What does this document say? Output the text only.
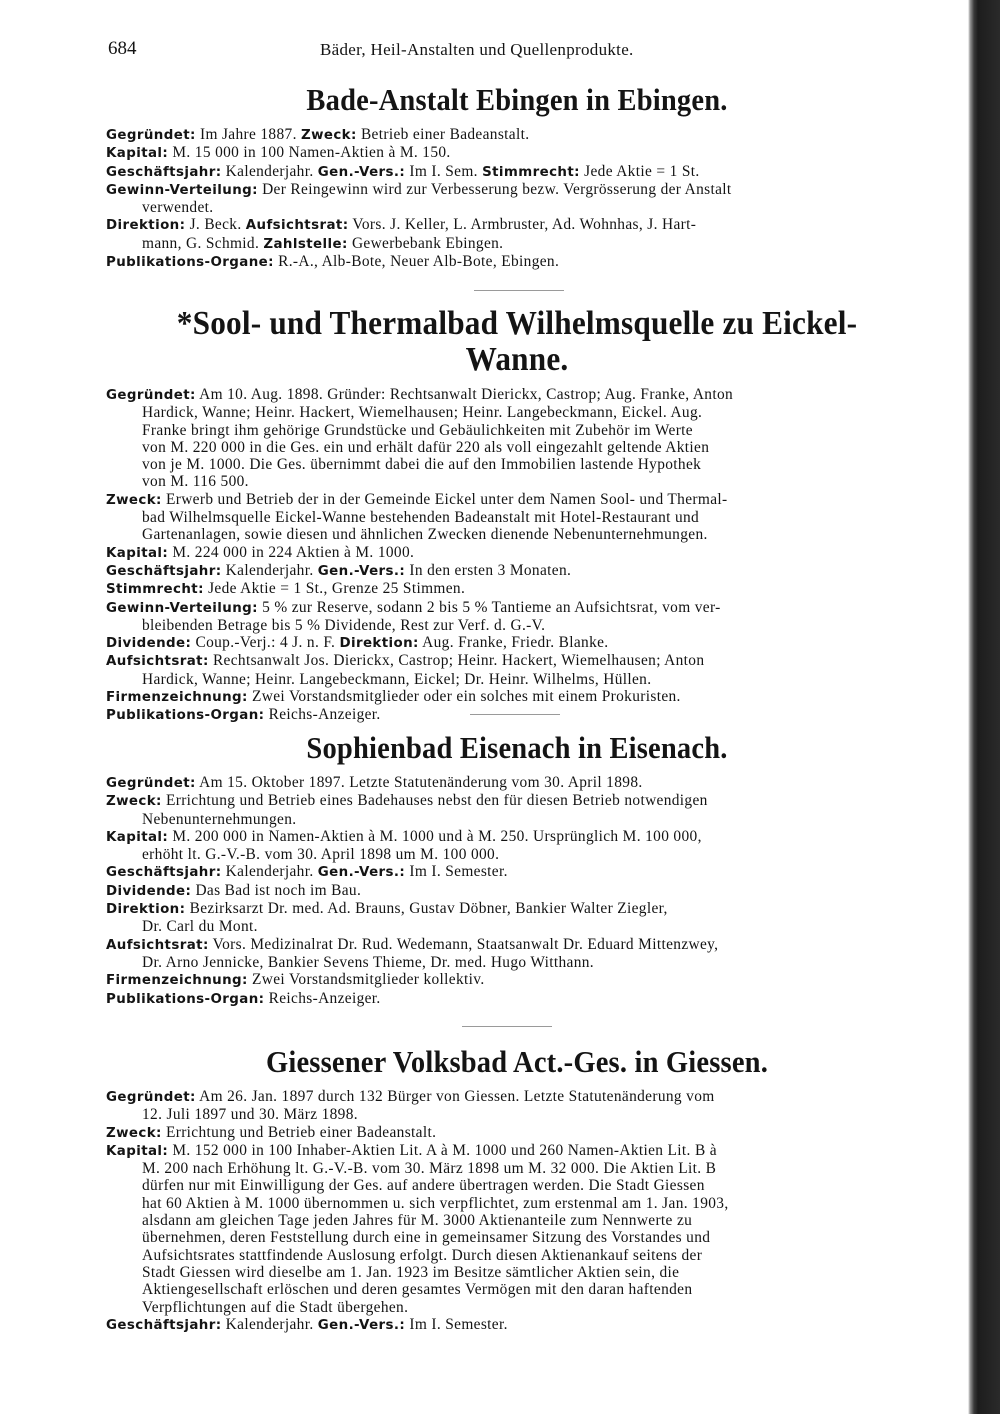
684	Bäder, Heil-Anstalten und Quellenprodukte.
Bade-Anstalt Ebingen in Ebingen.

Gegründet: Im Jahre 1887. Zweck: Betrieb einer Badeanstalt.

Kapital: M. 15 000 in 100 Namen-Aktien à M. 150.

Geschäftsjahr: Kalenderjahr. Gen.-Vers.: Im I. Sem. Stimmrecht: Jede Aktie = 1 St.

Gewinn-Verteilung: Der Reingewinn wird zur Verbesserung bezw. Vergrösserung der Anstalt

verwendet.

Direktion: J. Beck. Aufsichtsrat: Vors. J. Keller, L. Armbruster, Ad. Wohnhas, J. Hart-

mann, G. Schmid. Zahlstelle: Gewerbebank Ebingen.

Publikations-Organe: R.-A., Alb-Bote, Neuer Alb-Bote, Ebingen.

*Sool- und Thermalbad Wilhelmsquelle zu Eickel-Wanne.

Gegründet: Am 10. Aug. 1898. Gründer: Rechtsanwalt Dierickx, Castrop; Aug. Franke, Anton

Hardick, Wanne; Heinr. Hackert, Wiemelhausen; Heinr. Langebeckmann, Eickel. Aug.

Franke bringt ihm gehörige Grundstücke und Gebäulichkeiten mit Zubehör im Werte

von M. 220 000 in die Ges. ein und erhält dafür 220 als voll eingezahlt geltende Aktien

von je M. 1000. Die Ges. übernimmt dabei die auf den Immobilien lastende Hypothek

von M. 116 500.

Zweck: Erwerb und Betrieb der in der Gemeinde Eickel unter dem Namen Sool- und Thermal-

bad Wilhelmsquelle Eickel-Wanne bestehenden Badeanstalt mit Hotel-Restaurant und

Gartenanlagen, sowie diesen und ähnlichen Zwecken dienende Nebenunternehmungen.

Kapital: M. 224 000 in 224 Aktien à M. 1000.

Geschäftsjahr: Kalenderjahr. Gen.-Vers.: In den ersten 3 Monaten.

Stimmrecht: Jede Aktie = 1 St., Grenze 25 Stimmen.

Gewinn-Verteilung: 5 % zur Reserve, sodann 2 bis 5 % Tantieme an Aufsichtsrat, vom ver-

bleibenden Betrage bis 5 % Dividende, Rest zur Verf. d. G.-V.

Dividende: Coup.-Verj.: 4 J. n. F. Direktion: Aug. Franke, Friedr. Blanke.

Aufsichtsrat: Rechtsanwalt Jos. Dierickx, Castrop; Heinr. Hackert, Wiemelhausen; Anton

Hardick, Wanne; Heinr. Langebeckmann, Eickel; Dr. Heinr. Wilhelms, Hüllen.

Firmenzeichnung: Zwei Vorstandsmitglieder oder ein solches mit einem Prokuristen.

Publikations-Organ: Reichs-Anzeiger.

Sophienbad Eisenach in Eisenach.

Gegründet: Am 15. Oktober 1897. Letzte Statutenänderung vom 30. April 1898.

Zweck: Errichtung und Betrieb eines Badehauses nebst den für diesen Betrieb notwendigen

Nebenunternehmungen.

Kapital: M. 200 000 in Namen-Aktien à M. 1000 und à M. 250. Ursprünglich M. 100 000,

erhöht lt. G.-V.-B. vom 30. April 1898 um M. 100 000.

Geschäftsjahr: Kalenderjahr. Gen.-Vers.: Im I. Semester.

Dividende: Das Bad ist noch im Bau.

Direktion: Bezirksarzt Dr. med. Ad. Brauns, Gustav Döbner, Bankier Walter Ziegler,

Dr. Carl du Mont.

Aufsichtsrat: Vors. Medizinalrat Dr. Rud. Wedemann, Staatsanwalt Dr. Eduard Mittenzwey,

Dr. Arno Jennicke, Bankier Sevens Thieme, Dr. med. Hugo Witthann.

Firmenzeichnung: Zwei Vorstandsmitglieder kollektiv.

Publikations-Organ: Reichs-Anzeiger.

Giessener Volksbad Act.-Ges. in Giessen.

Gegründet: Am 26. Jan. 1897 durch 132 Bürger von Giessen. Letzte Statutenänderung vom

12. Juli 1897 und 30. März 1898.

Zweck: Errichtung und Betrieb einer Badeanstalt.

Kapital: M. 152 000 in 100 Inhaber-Aktien Lit. A à M. 1000 und 260 Namen-Aktien Lit. B à

M. 200 nach Erhöhung lt. G.-V.-B. vom 30. März 1898 um M. 32 000. Die Aktien Lit. B

dürfen nur mit Einwilligung der Ges. auf andere übertragen werden. Die Stadt Giessen

hat 60 Aktien à M. 1000 übernommen u. sich verpflichtet, zum erstenmal am 1. Jan. 1903,

alsdann am gleichen Tage jeden Jahres für M. 3000 Aktienanteile zum Nennwerte zu

übernehmen, deren Feststellung durch eine in gemeinsamer Sitzung des Vorstandes und

Aufsichtsrates stattfindende Auslosung erfolgt. Durch diesen Aktienankauf seitens der

Stadt Giessen wird dieselbe am 1. Jan. 1923 im Besitze sämtlicher Aktien sein, die

Aktiengesellschaft erlöschen und deren gesamtes Vermögen mit den daran haftenden

Verpflichtungen auf die Stadt übergehen.

Geschäftsjahr: Kalenderjahr. Gen.-Vers.: Im I. Semester.
